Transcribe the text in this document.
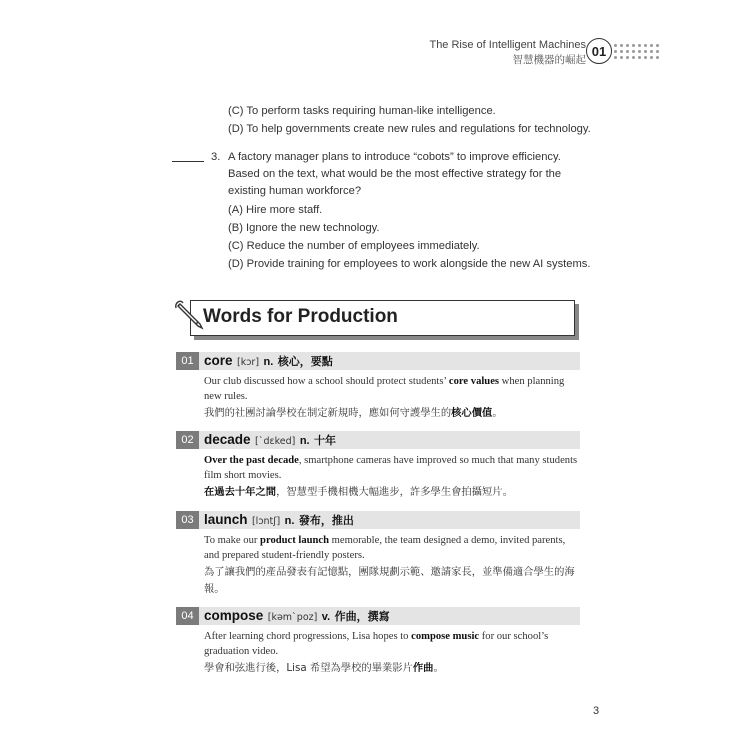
The Rise of Intelligent Machines
智慧機器的崛起
01
(C) To perform tasks requiring human-like intelligence.
(D) To help governments create new rules and regulations for technology.
3. A factory manager plans to introduce “cobots” to improve efficiency.
Based on the text, what would be the most effective strategy for the
existing human workforce?
(A) Hire more staff.
(B) Ignore the new technology.
(C) Reduce the number of employees immediately.
(D) Provide training for employees to work alongside the new AI systems.
Words for Production
01 core [kɔr] n. 核心，要點
Our club discussed how a school should protect students’ core values when planning new rules.
我們的社團討論學校在制定新規時，應如何守護學生的核心價值。
02 decade [ˋdɛked] n. 十年
Over the past decade, smartphone cameras have improved so much that many students film short movies.
在過去十年之間，智慧型手機相機大幅進步，許多學生會拍攝短片。
03 launch [lɔntʃ] n. 發布，推出
To make our product launch memorable, the team designed a demo, invited parents, and prepared student-friendly posters.
為了讓我們的產品發表有記憶點，團隊規劃示範、邀請家長，並準備適合學生的海報。
04 compose [kəmˋpoz] v. 作曲，撰寫
After learning chord progressions, Lisa hopes to compose music for our school’s graduation video.
學會和弦進行後，Lisa 希望為學校的畢業影片作曲。
3
